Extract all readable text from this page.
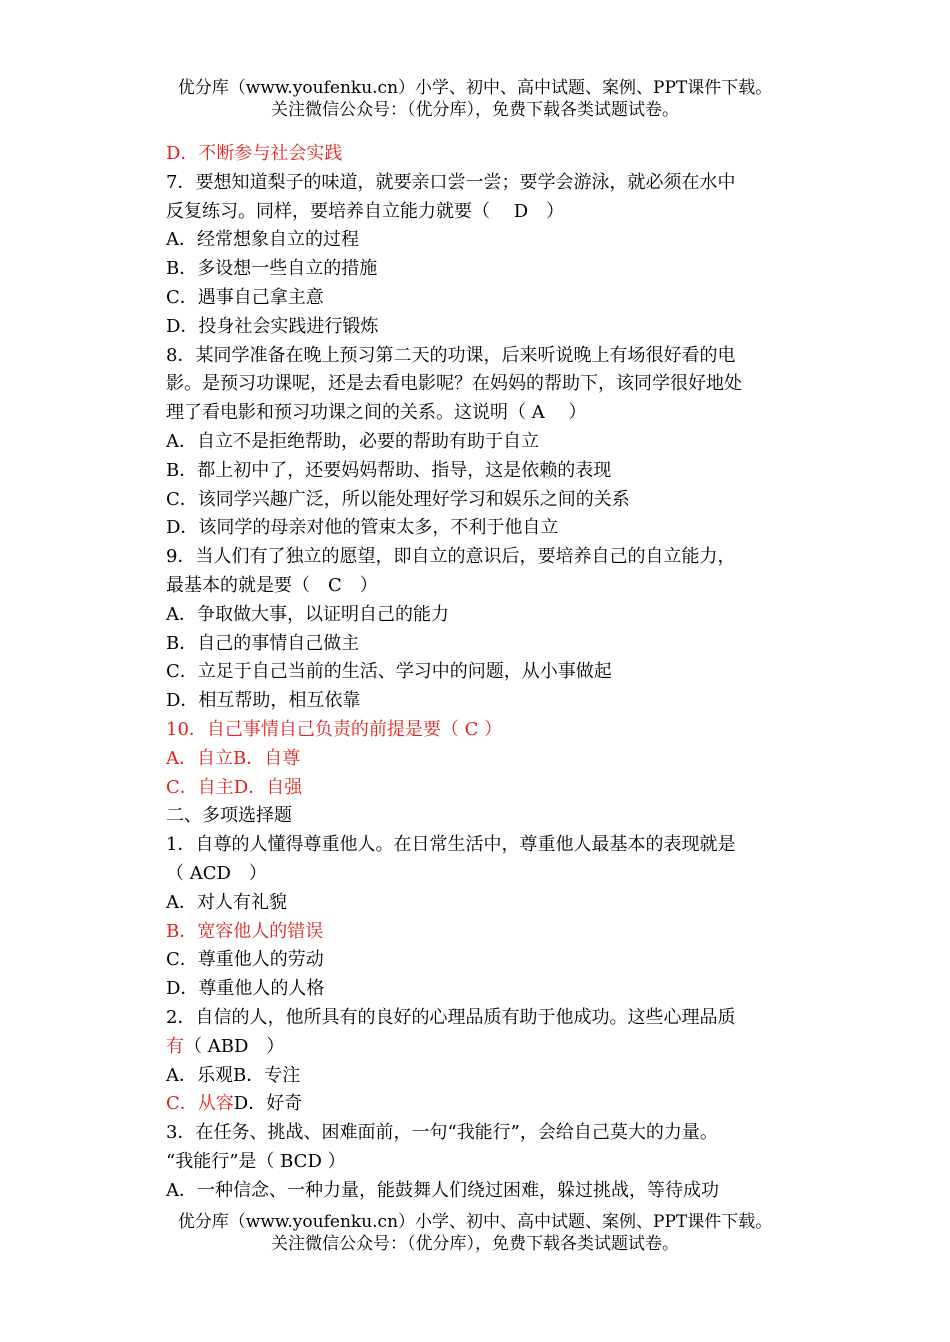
优分库（www.youfenku.cn）小学、初中、高中试题、案例、PPT课件下载。
关注微信公众号：（优分库），免费下载各类试题试卷。
D．不断参与社会实践
7．要想知道梨子的味道，就要亲口尝一尝；要学会游泳，就必须在水中
反复练习。同样，要培养自立能力就要（　 D　）
A．经常想象自立的过程
B．多设想一些自立的措施
C．遇事自己拿主意
D．投身社会实践进行锻炼
8．某同学准备在晚上预习第二天的功课，后来听说晚上有场很好看的电
影。是预习功课呢，还是去看电影呢？在妈妈的帮助下，该同学很好地处
理了看电影和预习功课之间的关系。这说明（ A　 ）
A．自立不是拒绝帮助，必要的帮助有助于自立
B．都上初中了，还要妈妈帮助、指导，这是依赖的表现
C．该同学兴趣广泛，所以能处理好学习和娱乐之间的关系
D．该同学的母亲对他的管束太多，不利于他自立
9．当人们有了独立的愿望，即自立的意识后，要培养自己的自立能力，
最基本的就是要（　C　）
A．争取做大事，以证明自己的能力
B．自己的事情自己做主
C．立足于自己当前的生活、学习中的问题，从小事做起
D．相互帮助，相互依靠
10．自己事情自己负责的前提是要（ C ）
A．自立B．自尊
C．自主D．自强
二、多项选择题
1．自尊的人懂得尊重他人。在日常生活中，尊重他人最基本的表现就是
（ ACD　）
A．对人有礼貌
B．宽容他人的错误
C．尊重他人的劳动
D．尊重他人的人格
2．自信的人，他所具有的良好的心理品质有助于他成功。这些心理品质
有（ ABD　）
A．乐观B．专注
C．从容D．好奇
3．在任务、挑战、困难面前，一句“我能行”，会给自己莫大的力量。
“我能行”是（ BCD ）
A．一种信念、一种力量，能鼓舞人们绕过困难，躲过挑战，等待成功
优分库（www.youfenku.cn）小学、初中、高中试题、案例、PPT课件下载。
关注微信公众号：（优分库），免费下载各类试题试卷。
